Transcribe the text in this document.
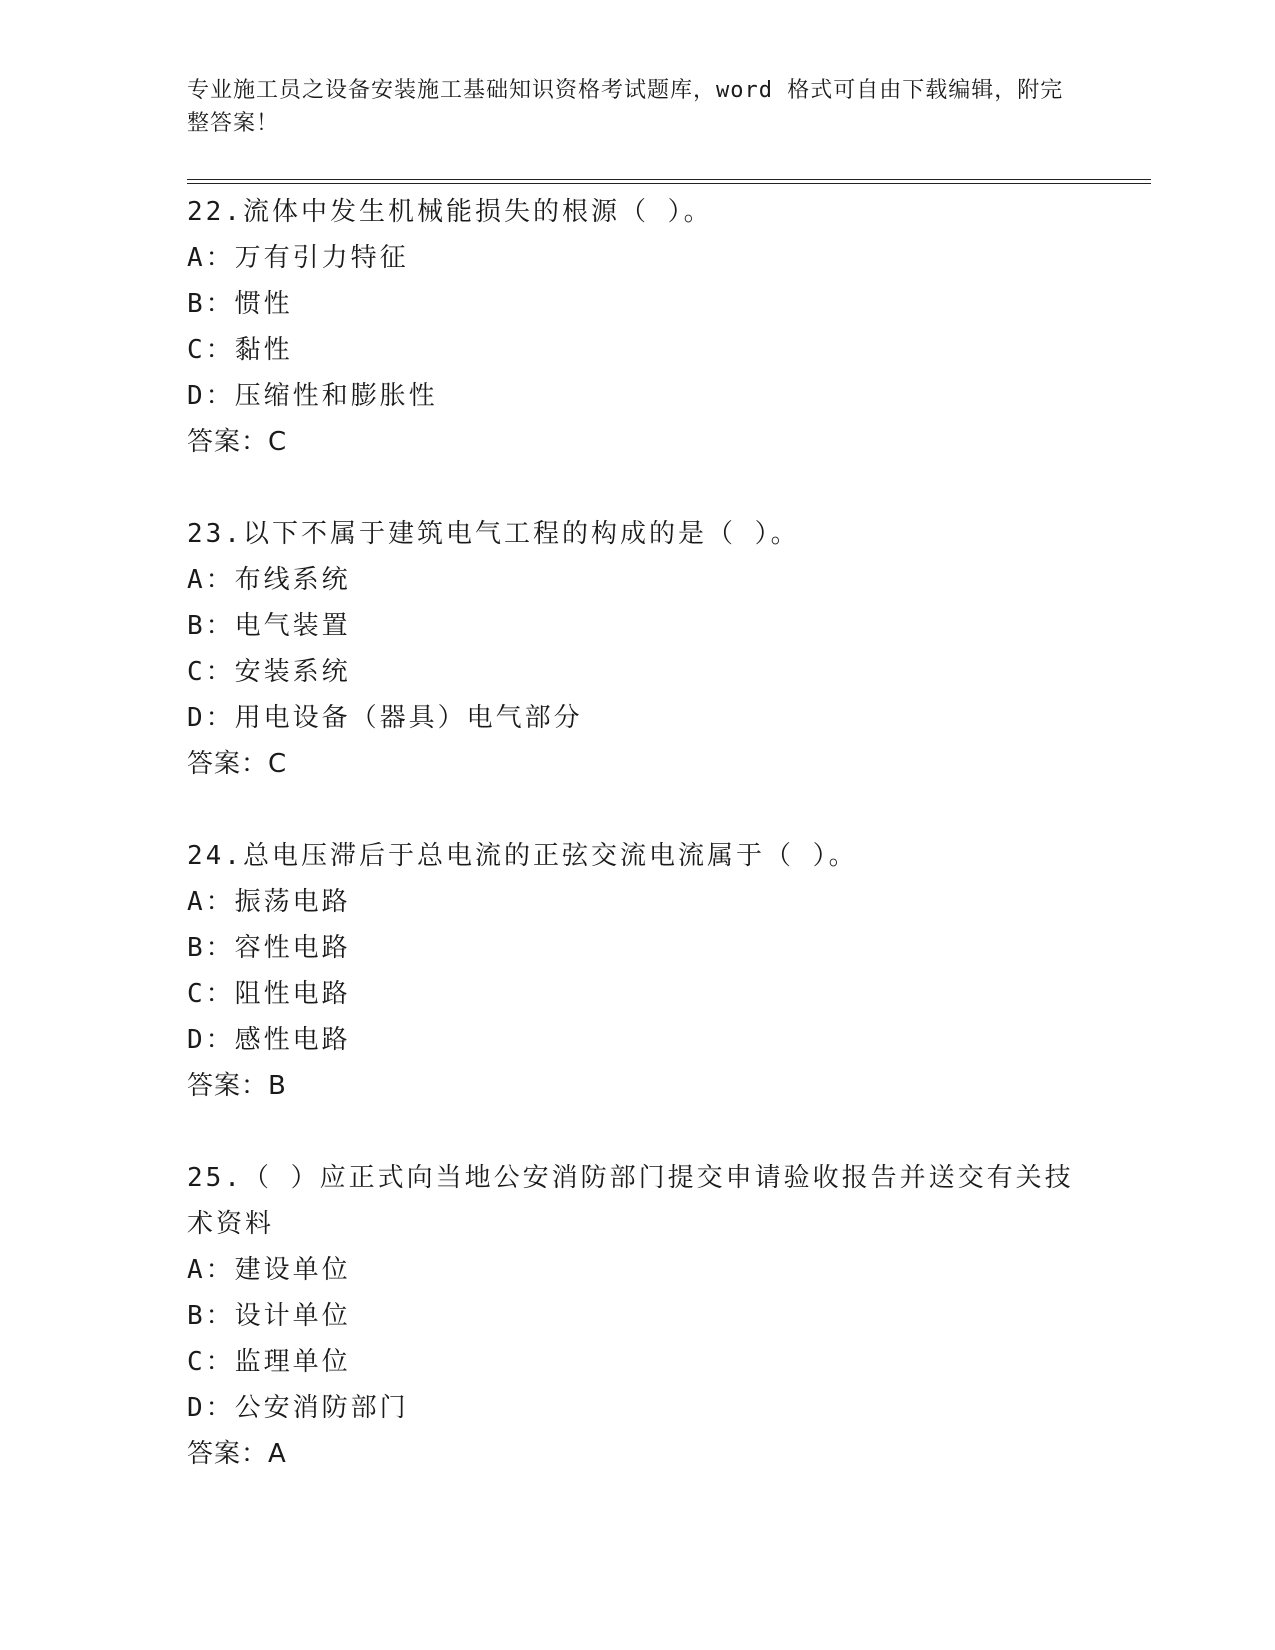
专业施工员之设备安装施工基础知识资格考试题库，word 格式可自由下载编辑，附完整答案！
22.流体中发生机械能损失的根源（ ）。
A：万有引力特征
B：惯性
C：黏性
D：压缩性和膨胀性
答案：C
23.以下不属于建筑电气工程的构成的是（ ）。
A：布线系统
B：电气装置
C：安装系统
D：用电设备（器具）电气部分
答案：C
24.总电压滞后于总电流的正弦交流电流属于（ ）。
A：振荡电路
B：容性电路
C：阻性电路
D：感性电路
答案：B
25.（ ）应正式向当地公安消防部门提交申请验收报告并送交有关技术资料
A：建设单位
B：设计单位
C：监理单位
D：公安消防部门
答案：A
